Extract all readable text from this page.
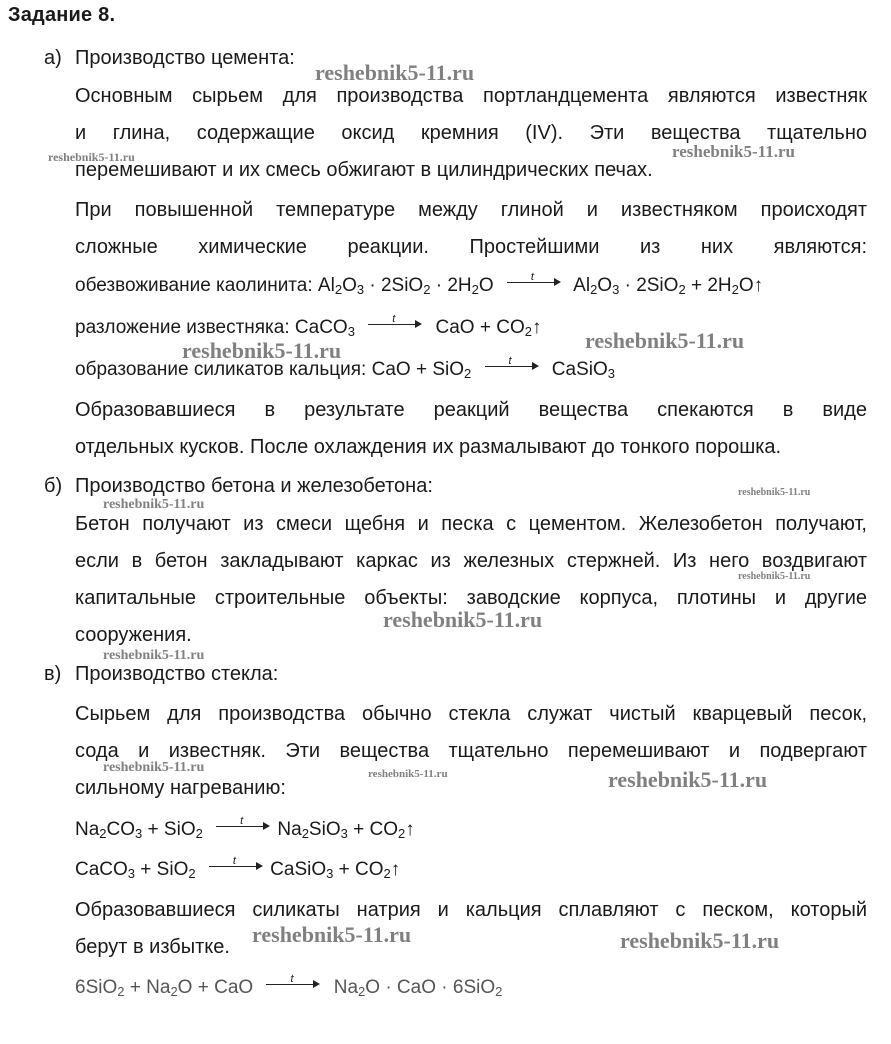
Задание 8.
а) Производство цемента:
Основным сырьем для производства портландцемента являются известняк
и глина, содержащие оксид кремния (IV). Эти вещества тщательно
перемешивают и их смесь обжигают в цилиндрических печах.
При повышенной температуре между глиной и известняком происходят
сложные химические реакции. Простейшими из них являются:
обезвоживание каолинита: $Al_2O_3 \cdot 2SiO_2 \cdot 2H_2O$	t $Al_2O_3 \cdot 2SiO_2$ + $2H_2O↑$
разложение известняка: CaCO$_3$
t CaO + $CO_2↑$
образование силикатов кальция: CaO + SiO$_2$
t CaSiO$_3$
Образовавшиеся в результате реакций вещества спекаются в виде
отдельных кусков. После охлаждения их размалывают до тонкого порошка.
б) Производство бетона и железобетона:
Бетон получают из смеси щебня и песка с цементом. Железобетон получают,
если в бетон закладывают каркас из железных стержней. Из него воздвигают
капитальные строительные объекты: заводские корпуса, плотины и другие
сооружения.
в) Производство стекла:
Сырьем для производства обычно стекла служат чистый кварцевый песок,
сода и известняк. Эти вещества тщательно перемешивают и подвергают
сильному нагреванию:
$Na_2CO_3 + SiO_2$
t $Na_2SiO_3$ + $CO_2↑$
CaCO$_3$ + SiO$_2$
t CaSiO$_3$ + $CO_2↑$
Образовавшиеся силикаты натрия и кальция сплавляют с песком, который
берут в избытке.
$6SiO_2 + Na_2O$ + CaO	t $Na_2O$ · CaO · 6SiO$_2$
reshebnik5-11.ru
reshebnik5-11.ru	reshebnik5-11.ru
reshebnik5-11.ru	reshebnik5-11.ru
reshebnik5-11.ru
reshebnik5-11.ru
reshebnik5-11.ru
reshebnik5-11.ru
reshebnik5-11.ru
reshebnik5-11.ru	reshebnik5-11.ru	reshebnik5-11.ru
reshebnik5-11.ru	reshebnik5-11.ru
